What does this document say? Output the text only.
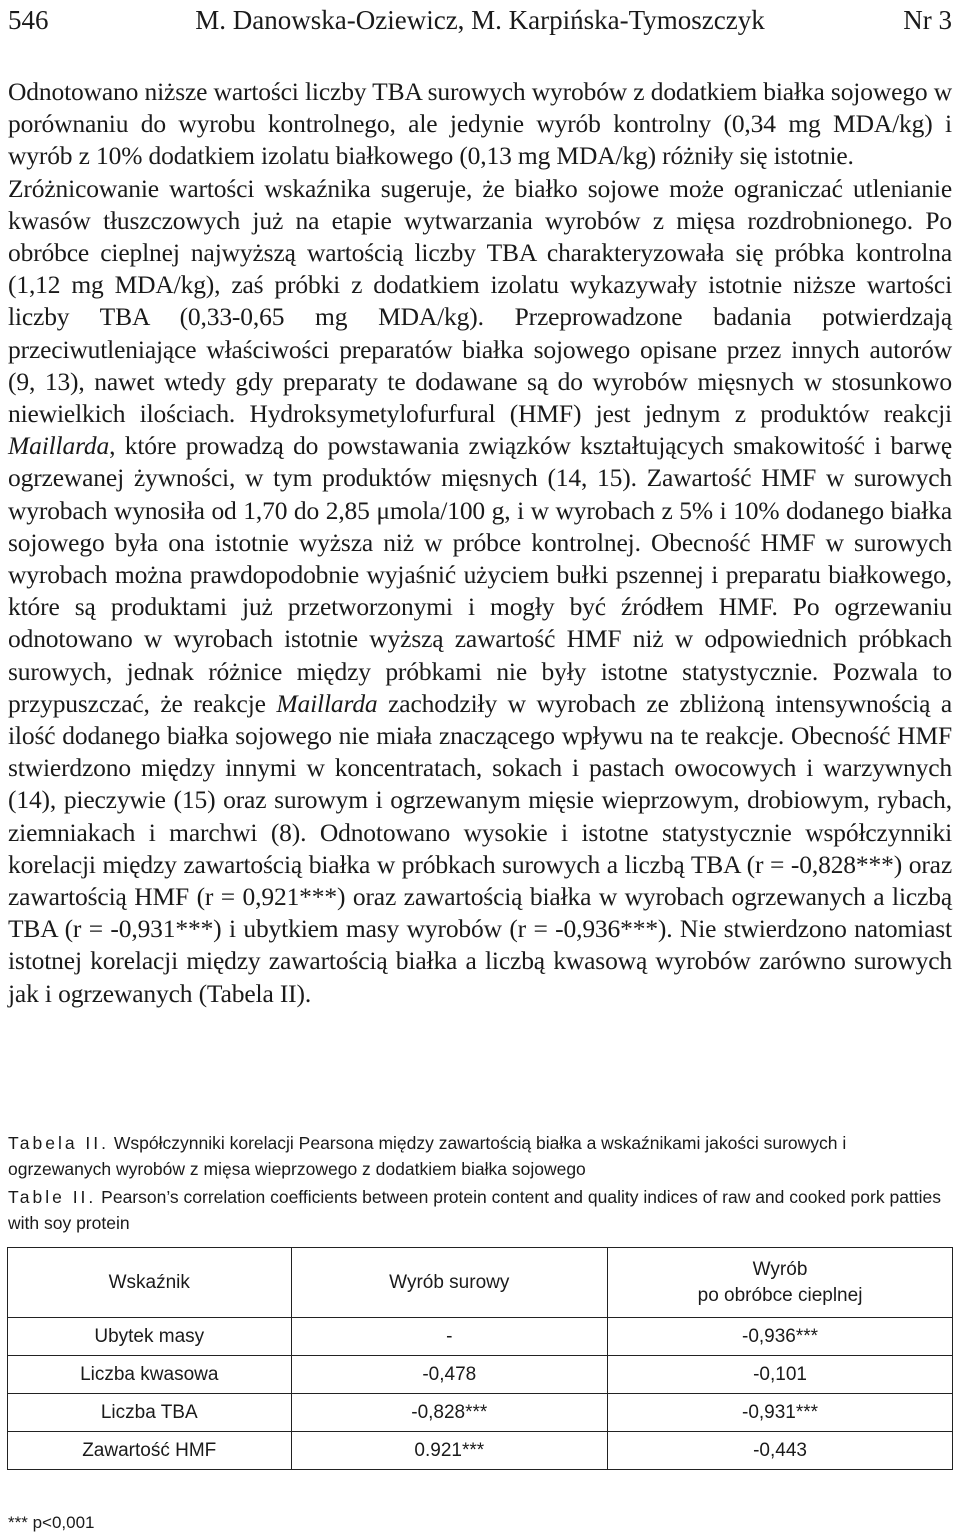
546	M. Danowska-Oziewicz, M. Karpińska-Tymoszczyk	Nr 3

Odnotowano niższe wartości liczby TBA surowych wyrobów z dodatkiem białka sojowego w porównaniu do wyrobu kontrolnego, ale jedynie wyrób kontrolny (0,34 mg MDA/kg) i wyrób z 10% dodatkiem izolatu białkowego (0,13 mg MDA/kg) różniły się istotnie.

Zróżnicowanie wartości wskaźnika sugeruje, że białko sojowe może ograniczać utlenianie kwasów tłuszczowych już na etapie wytwarzania wyrobów z mięsa rozdrobnionego. Po obróbce cieplnej najwyższą wartością liczby TBA charakteryzowała się próbka kontrolna (1,12 mg MDA/kg), zaś próbki z dodatkiem izolatu wykazywały istotnie niższe wartości liczby TBA (0,33-0,65 mg MDA/kg). Przeprowadzone badania potwierdzają przeciwutleniające właściwości preparatów białka sojowego opisane przez innych autorów (9, 13), nawet wtedy gdy preparaty te dodawane są do wyrobów mięsnych w stosunkowo niewielkich ilościach. Hydroksymetylofurfural (HMF) jest jednym z produktów reakcji Maillarda, które prowadzą do powstawania związków kształtujących smakowitość i barwę ogrzewanej żywności, w tym produktów mięsnych (14, 15). Zawartość HMF w surowych wyrobach wynosiła od 1,70 do 2,85 μmola/100 g, i w wyrobach z 5% i 10% dodanego białka sojowego była ona istotnie wyższa niż w próbce kontrolnej. Obecność HMF w surowych wyrobach można prawdopodobnie wyjaśnić użyciem bułki pszennej i preparatu białkowego, które są produktami już przetworzonymi i mogły być źródłem HMF. Po ogrzewaniu odnotowano w wyrobach istotnie wyższą zawartość HMF niż w odpowiednich próbkach surowych, jednak różnice między próbkami nie były istotne statystycznie. Pozwala to przypuszczać, że reakcje Maillarda zachodziły w wyrobach ze zbliżoną intensywnością a ilość dodanego białka sojowego nie miała znaczącego wpływu na te reakcje. Obecność HMF stwierdzono między innymi w koncentratach, sokach i pastach owocowych i warzywnych (14), pieczywie (15) oraz surowym i ogrzewanym mięsie wieprzowym, drobiowym, rybach, ziemniakach i marchwi (8). Odnotowano wysokie i istotne statystycznie współczynniki korelacji między zawartością białka w próbkach surowych a liczbą TBA (r = -0,828***) oraz zawartością HMF (r = 0,921***) oraz zawartością białka w wyrobach ogrzewanych a liczbą TBA (r = -0,931***) i ubytkiem masy wyrobów (r = -0,936***). Nie stwierdzono natomiast istotnej korelacji między zawartością białka a liczbą kwasową wyrobów zarówno surowych jak i ogrzewanych (Tabela II).

Tabela II. Współczynniki korelacji Pearsona między zawartością białka a wskaźnikami jakości surowych i ogrzewanych wyrobów z mięsa wieprzowego z dodatkiem białka sojowego
Table II. Pearson’s correlation coefficients between protein content and quality indices of raw and cooked pork patties with soy protein
Wskaźnik	Wyrób surowy	Wyrób
po obróbce cieplnej
Ubytek masy	-	-0,936***
Liczba kwasowa	-0,478	-0,101
Liczba TBA	-0,828***	-0,931***
Zawartość HMF	0.921***	-0,443
*** p<0,001
